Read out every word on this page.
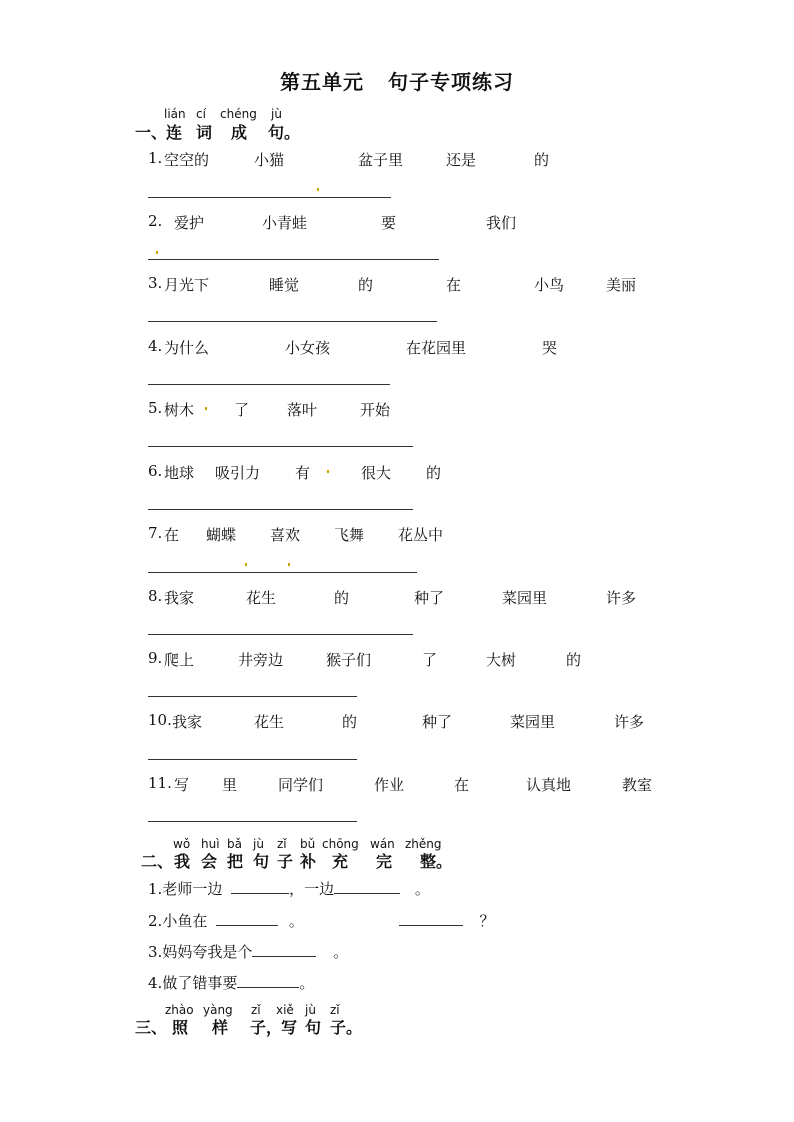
第五单元 句子专项练习
lián cí chéng jù
一、
连 词 成 句。
1. 空空的	小猫	盆子里	还是	的
2. 爱护	小青蛙	要	我们
3. 月光下	睡觉	的	在	小鸟	美丽
4. 为什么	小女孩	在花园里	哭
5. 树木	了	落叶	开始
6. 地球 吸引力 有	很大 的
7. 在 蝴蝶 喜欢 飞舞 花丛中
8. 我家	花生	的	种了	菜园里	许多
9. 爬上	井旁边	猴子们	了	大树	的
10. 我家	花生	的	种了	菜园里	许多
11. 写 里	同学们	作业	在	认真地	教室
wǒ huì bǎ jù zǐ bǔ chōng wán zhěng
二、 我 会 把 句 子 补 充 完 整。
1.老师一边	，一边	。
2.小鱼在	。	？
3.妈妈夸我是个	。
4.做了错事要	。
zhào yàng zǐ xiě jù zǐ
三、 照 样 子，
写 句 子。
